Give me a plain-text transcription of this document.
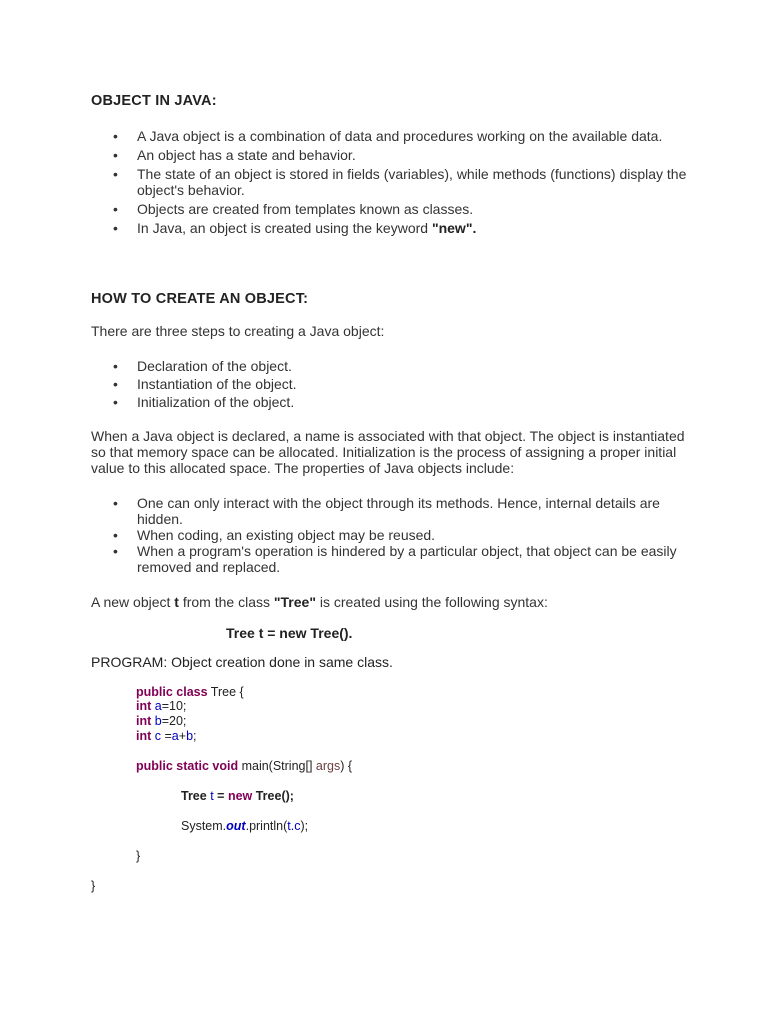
OBJECT IN JAVA:
• A Java object is a combination of data and procedures working on the available data.
• An object has a state and behavior.
• The state of an object is stored in fields (variables), while methods (functions) display the object's behavior.
• Objects are created from templates known as classes.
• In Java, an object is created using the keyword "new".
HOW TO CREATE AN OBJECT:
There are three steps to creating a Java object:
• Declaration of the object.
• Instantiation of the object.
• Initialization of the object.
When a Java object is declared, a name is associated with that object. The object is instantiated so that memory space can be allocated. Initialization is the process of assigning a proper initial value to this allocated space. The properties of Java objects include:
• One can only interact with the object through its methods. Hence, internal details are hidden.
• When coding, an existing object may be reused.
• When a program's operation is hindered by a particular object, that object can be easily removed and replaced.
A new object t from the class "Tree" is created using the following syntax:
Tree t = new Tree().
PROGRAM: Object creation done in same class.
public class Tree {
int a=10;
int b=20;
int c =a+b;
public static void main(String[] args) {
Tree t = new Tree();
System.out.println(t.c);
}
}
